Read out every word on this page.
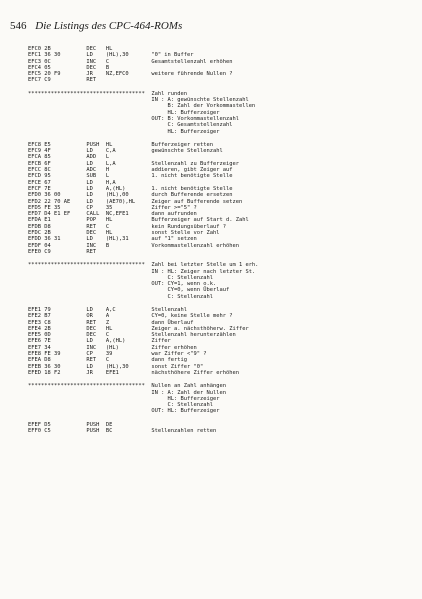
546 Die Listings des CPC-464-ROMs
EFC0 2B           DEC   HL
EFC1 36 30        LD    (HL),30       "0" in Buffer
EFC3 0C           INC   C             Gesamtstellenzahl erhöhen
EFC4 05           DEC   B
EFC5 20 F9        JR    NZ,EFC0       weitere führende Nullen ?
EFC7 C9           RET
************************************  Zahl runden
IN : A: gewünschte Stellenzahl
B: Zahl der Vorkommastellen
HL: Bufferzeiger
OUT: B: Vorkommastellenzahl
C: Gesamtstellenzahl
HL: Bufferzeiger
EFC8 E5           PUSH  HL            Bufferzeiger retten
EFC9 4F           LD    C,A           gewünschte Stellenzahl
EFCA 85           ADD   L
EFCB 6F           LD    L,A           Stellenzahl zu Bufferzeiger
EFCC 8C           ADC   H             addieren, gibt Zeiger auf
EFCD 95           SUB   L             1. nicht benötigte Stelle
EFCE 67           LD    H,A
EFCF 7E           LD    A,(HL)        1. nicht benötigte Stelle
EFD0 36 00        LD    (HL),00       durch Bufferende ersetzen
EFD2 22 70 AE     LD    (AE70),HL     Zeiger auf Bufferende setzen
EFD5 FE 35        CP    35            Ziffer >="5" ?
EFD7 D4 E1 EF     CALL  NC,EFE1       dann aufrunden
EFDA E1           POP   HL            Bufferzeiger auf Start d. Zahl
EFDB D8           RET   C             kein Rundungsüberlauf ?
EFDC 2B           DEC   HL            sonst Stelle vor Zahl
EFDD 36 31        LD    (HL),31       auf "1" setzen
EFDF 04           INC   B             Vorkommastellenzahl erhöhen
EFE0 C9           RET
************************************  Zahl bei letzter Stelle um 1 erh.
IN : HL: Zeiger nach letzter St.
C: Stellenzahl
OUT: CY=1, wenn o.k.
CY=0, wenn Überlauf
C: Stellenzahl
EFE1 79           LD    A,C           Stellenzahl
EFE2 B7           OR    A             CY=0, keine Stelle mehr ?
EFE3 C8           RET   Z             dann Überlauf
EFE4 2B           DEC   HL            Zeiger a. nächsthöherw. Ziffer
EFE5 0D           DEC   C             Stellenzahl herunterzählen
EFE6 7E           LD    A,(HL)        Ziffer
EFE7 34           INC   (HL)          Ziffer erhöhen
EFE8 FE 39        CP    39            war Ziffer <"9" ?
EFEA D8           RET   C             dann fertig
EFEB 36 30        LD    (HL),30       sonst Ziffer "0"
EFED 18 F2        JR    EFE1          nächsthöhere Ziffer erhöhen
************************************  Nullen an Zahl anhängen
IN : A: Zahl der Nullen
HL: Bufferzeiger
C: Stellenzahl
OUT: HL: Bufferzeiger
EFEF D5           PUSH  DE
EFF0 C5           PUSH  BC            Stellenzahlen retten
